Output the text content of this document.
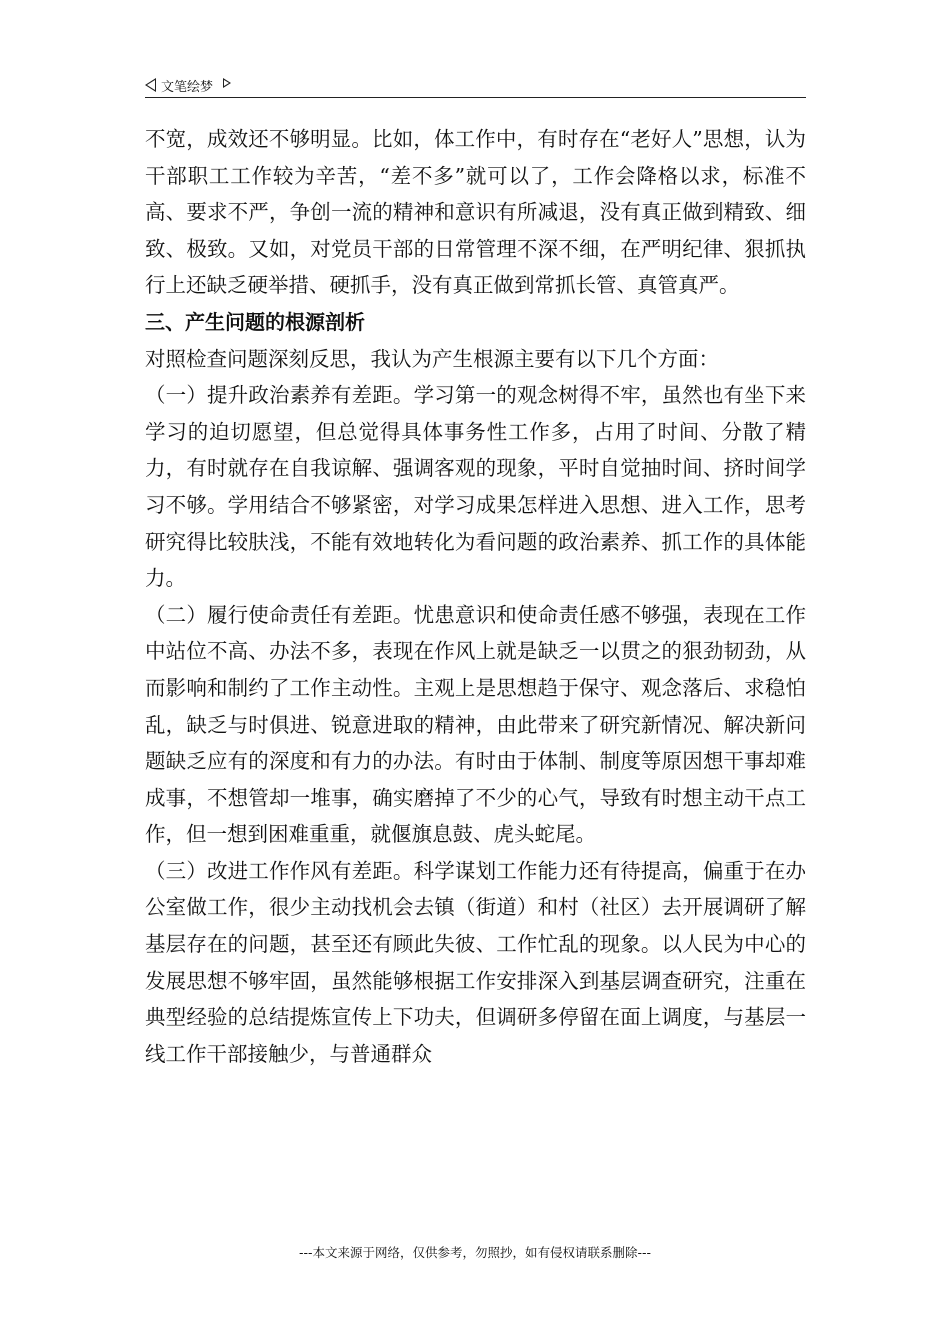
文笔绘梦

不宽，成效还不够明显。比如，体工作中，有时存在“老好人”思想，认为干部职工工作较为辛苦，“差不多”就可以了，工作会降格以求，标准不高、要求不严，争创一流的精神和意识有所减退，没有真正做到精致、细致、极致。又如，对党员干部的日常管理不深不细，在严明纪律、狠抓执行上还缺乏硬举措、硬抓手，没有真正做到常抓长管、真管真严。

三、产生问题的根源剖析

对照检查问题深刻反思，我认为产生根源主要有以下几个方面：

（一）提升政治素养有差距。学习第一的观念树得不牢，虽然也有坐下来学习的迫切愿望，但总觉得具体事务性工作多，占用了时间、分散了精力，有时就存在自我谅解、强调客观的现象，平时自觉抽时间、挤时间学习不够。学用结合不够紧密，对学习成果怎样进入思想、进入工作，思考研究得比较肤浅，不能有效地转化为看问题的政治素养、抓工作的具体能力。

（二）履行使命责任有差距。忧患意识和使命责任感不够强，表现在工作中站位不高、办法不多，表现在作风上就是缺乏一以贯之的狠劲韧劲，从而影响和制约了工作主动性。主观上是思想趋于保守、观念落后、求稳怕乱，缺乏与时俱进、锐意进取的精神，由此带来了研究新情况、解决新问题缺乏应有的深度和有力的办法。有时由于体制、制度等原因想干事却难成事，不想管却一堆事，确实磨掉了不少的心气，导致有时想主动干点工作，但一想到困难重重，就偃旗息鼓、虎头蛇尾。

（三）改进工作作风有差距。科学谋划工作能力还有待提高，偏重于在办公室做工作，很少主动找机会去镇（街道）和村（社区）去开展调研了解基层存在的问题，甚至还有顾此失彼、工作忙乱的现象。以人民为中心的发展思想不够牢固，虽然能够根据工作安排深入到基层调查研究，注重在典型经验的总结提炼宣传上下功夫，但调研多停留在面上调度，与基层一线工作干部接触少，与普通群众

---本文来源于网络，仅供参考，勿照抄，如有侵权请联系删除---
